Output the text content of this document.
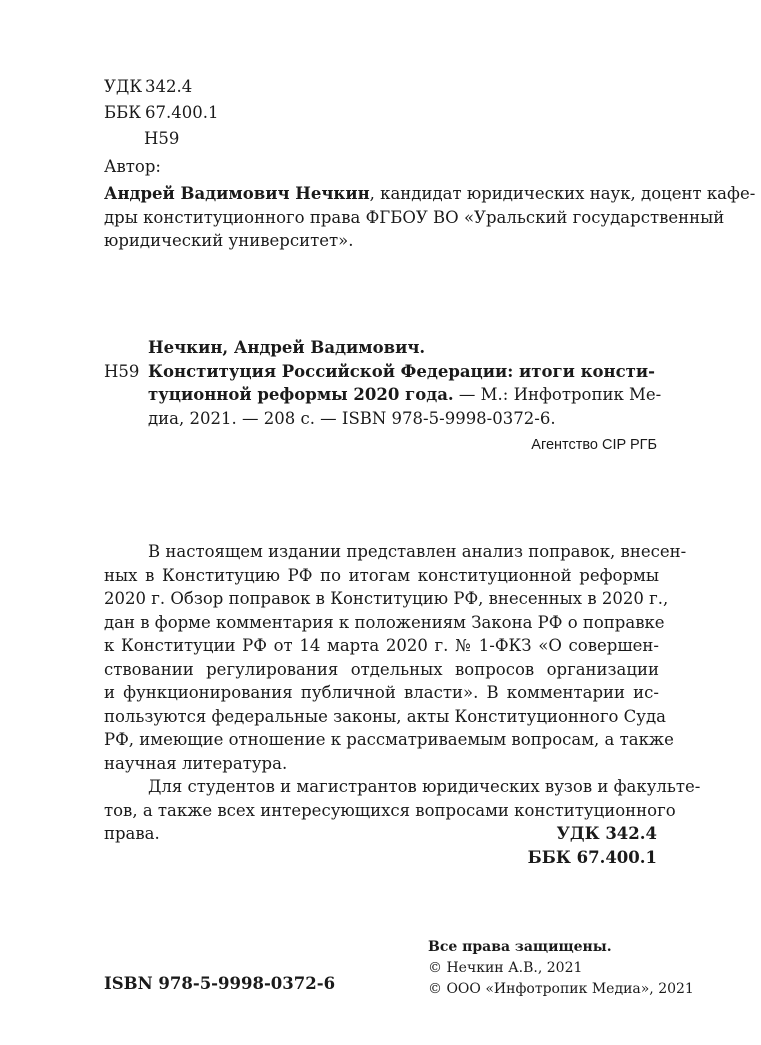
УДК 342.4
ББК 67.400.1
Н59
Автор:
Андрей Вадимович Нечкин, кандидат юридических наук, доцент кафе-
дры конституционного права ФГБОУ ВО «Уральский государственный
юридический университет».
Нечкин, Андрей Вадимович.
Н59 Конституция Российской Федерации: итоги консти-
туционной реформы 2020 года. — М.: Инфотропик Ме-
диа, 2021. — 208 с. — ISBN 978-5-9998-0372-6.
Агентство CIP РГБ
В настоящем издании представлен анализ поправок, внесен-
ных в Конституцию РФ по итогам конституционной реформы
2020 г. Обзор поправок в Конституцию РФ, внесенных в 2020 г.,
дан в форме комментария к положениям Закона РФ о поправке
к Конституции РФ от 14 марта 2020 г. № 1-ФКЗ «О совершен-
ствовании регулирования отдельных вопросов организации
и функционирования публичной власти». В комментарии ис-
пользуются федеральные законы, акты Конституционного Суда
РФ, имеющие отношение к рассматриваемым вопросам, а также
научная литература.
Для студентов и магистрантов юридических вузов и факульте-
тов, а также всех интересующихся вопросами конституционного
права.	УДК 342.4
ББК 67.400.1
ISBN 978-5-9998-0372-6
Все права защищены.
© Нечкин А.В., 2021
© ООО «Инфотропик Медиа», 2021
